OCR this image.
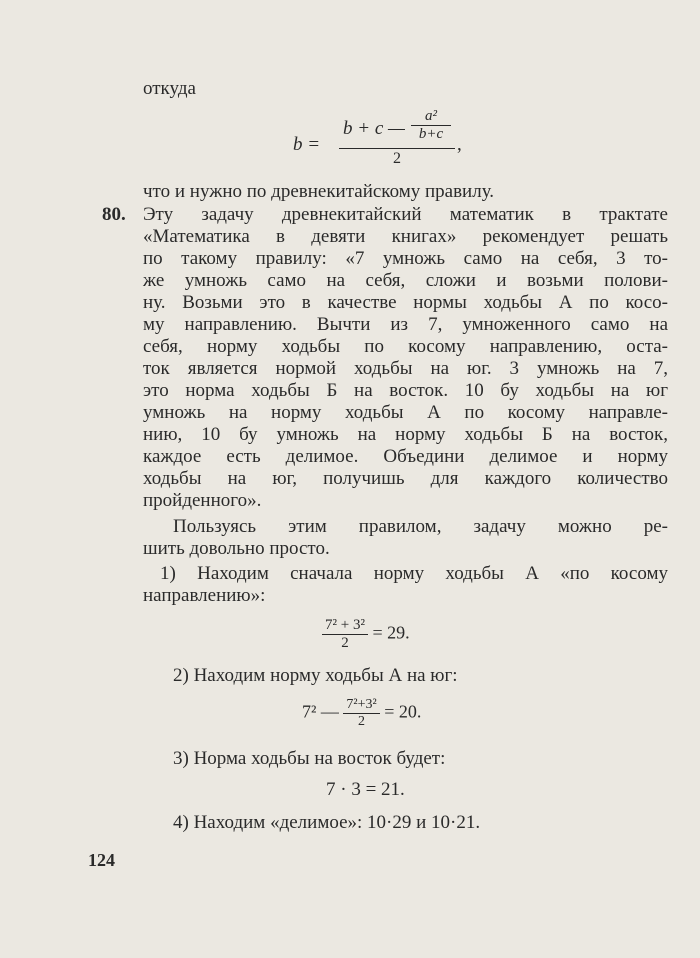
откуда
b =
b + c — $\frac{\text{a²}}{b+c}$
2
,
что и нужно по древнекитайскому правилу.
80. Эту задачу древнекитайский математик в трактате
«Математика в девяти книгах» рекомендует решать
по такому правилу: «7 умножь само на себя, 3 то-
же умножь само на себя, сложи и возьми полови-
ну. Возьми это в качестве нормы ходьбы А по косо-
му направлению. Вычти из 7, умноженного само на
себя, норму ходьбы по косому направлению, оста-
ток является нормой ходьбы на юг. 3 умножь на 7,
это норма ходьбы Б на восток. 10 бу ходьбы на юг
умножь на норму ходьбы А по косому направле-
нию, 10 бу умножь на норму ходьбы Б на восток,
каждое есть делимое. Объедини делимое и норму
ходьбы на юг, получишь для каждого количество
пройденного».
Пользуясь этим правилом, задачу можно ре-
шить довольно просто.
1) Находим сначала норму ходьбы А «по косому
направлению»:
$\frac{\text{7² + 3²}}{2} = 29$.
2) Находим норму ходьбы А на юг:
7² — $\frac{\text{7²+3²}}{2} = 20$.
3) Норма ходьбы на восток будет:
7 · 3 = 21.
4) Находим «делимое»: 10·29 и 10·21.
124
